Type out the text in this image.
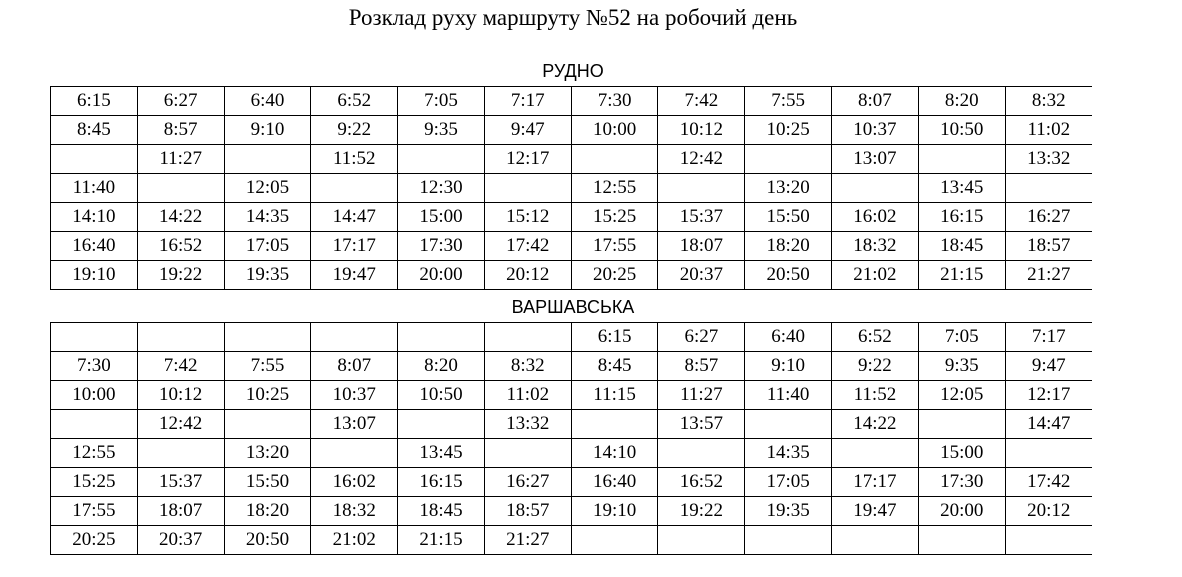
Розклад руху маршруту №52 на робочий день
РУДНО
6:15	6:27	6:40	6:52	7:05	7:17	7:30	7:42	7:55	8:07	8:20	8:32
8:45	8:57	9:10	9:22	9:35	9:47	10:00	10:12	10:25	10:37	10:50	11:02
	11:27		11:52		12:17		12:42		13:07		13:32
11:40		12:05		12:30		12:55		13:20		13:45	
14:10	14:22	14:35	14:47	15:00	15:12	15:25	15:37	15:50	16:02	16:15	16:27
16:40	16:52	17:05	17:17	17:30	17:42	17:55	18:07	18:20	18:32	18:45	18:57
19:10	19:22	19:35	19:47	20:00	20:12	20:25	20:37	20:50	21:02	21:15	21:27
ВАРШАВСЬКА
						6:15	6:27	6:40	6:52	7:05	7:17
7:30	7:42	7:55	8:07	8:20	8:32	8:45	8:57	9:10	9:22	9:35	9:47
10:00	10:12	10:25	10:37	10:50	11:02	11:15	11:27	11:40	11:52	12:05	12:17
	12:42		13:07		13:32		13:57		14:22		14:47
12:55		13:20		13:45		14:10		14:35		15:00	
15:25	15:37	15:50	16:02	16:15	16:27	16:40	16:52	17:05	17:17	17:30	17:42
17:55	18:07	18:20	18:32	18:45	18:57	19:10	19:22	19:35	19:47	20:00	20:12
20:25	20:37	20:50	21:02	21:15	21:27						
